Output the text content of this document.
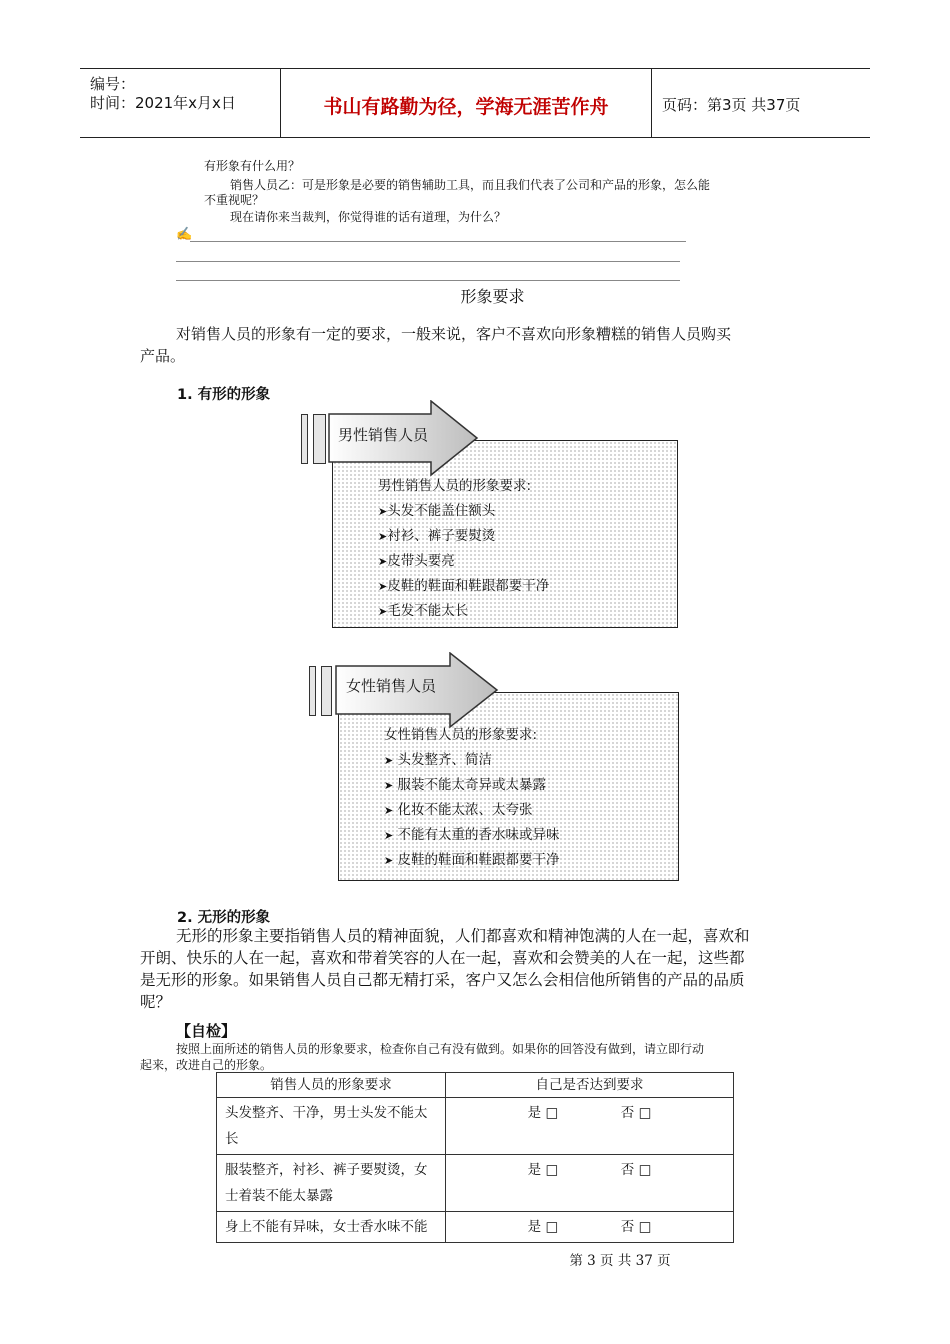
编号：
时间：2021年x月x日	书山有路勤为径，学海无涯苦作舟	页码：第3页 共37页
有形象有什么用？
销售人员乙：可是形象是必要的销售辅助工具，而且我们代表了公司和产品的形象，怎么能
不重视呢？
现在请你来当裁判，你觉得谁的话有道理，为什么？
✍
形象要求
对销售人员的形象有一定的要求，一般来说，客户不喜欢向形象糟糕的销售人员购买
产品。
1. 有形的形象
男性销售人员
男性销售人员的形象要求:
➤头发不能盖住额头
➤衬衫、裤子要熨烫
➤皮带头要亮
➤皮鞋的鞋面和鞋跟都要干净
➤毛发不能太长
女性销售人员
女性销售人员的形象要求:
➤ 头发整齐、简洁
➤ 服装不能太奇异或太暴露
➤ 化妆不能太浓、太夸张
➤ 不能有太重的香水味或异味
➤ 皮鞋的鞋面和鞋跟都要干净
2. 无形的形象
无形的形象主要指销售人员的精神面貌，人们都喜欢和精神饱满的人在一起，喜欢和
开朗、快乐的人在一起，喜欢和带着笑容的人在一起，喜欢和会赞美的人在一起，这些都
是无形的形象。如果销售人员自己都无精打采，客户又怎么会相信他所销售的产品的品质
呢？
【自检】
按照上面所述的销售人员的形象要求，检查你自己有没有做到。如果你的回答没有做到，请立即行动
起来，改进自己的形象。
销售人员的形象要求	自己是否达到要求

头发整齐、干净，男士头发不能太
长	是 □ 否 □

服装整齐，衬衫、裤子要熨烫，女
士着装不能太暴露	是 □ 否 □

身上不能有异味，女士香水味不能	是 □ 否 □
第 3 页 共 37 页
